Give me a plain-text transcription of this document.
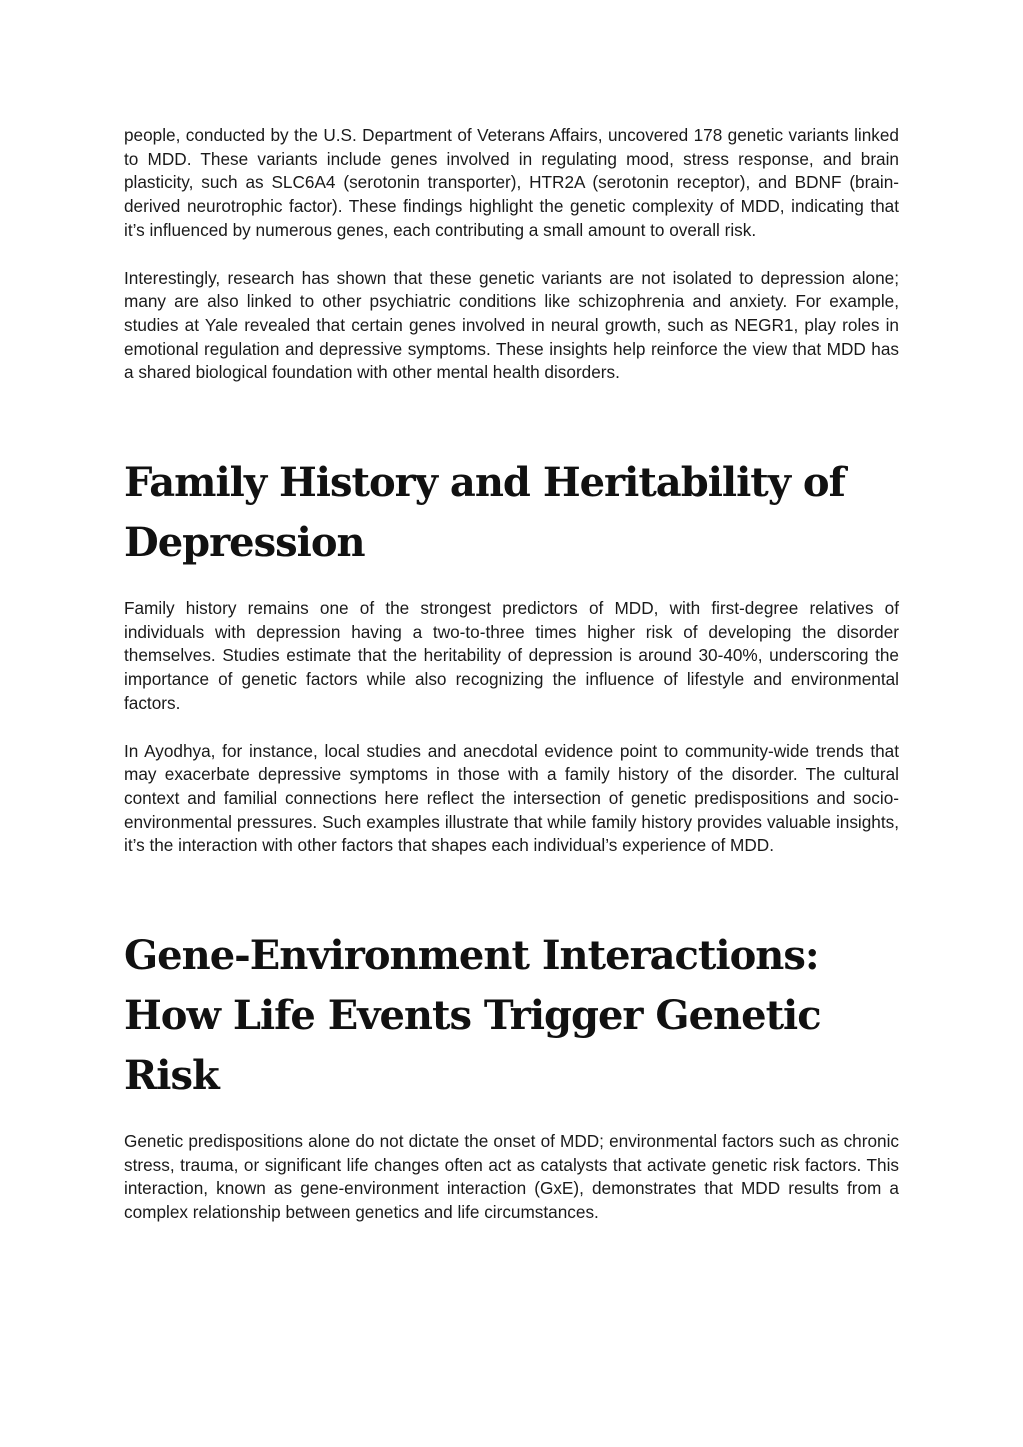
people, conducted by the U.S. Department of Veterans Affairs, uncovered 178 genetic variants linked to MDD. These variants include genes involved in regulating mood, stress response, and brain plasticity, such as SLC6A4 (serotonin transporter), HTR2A (serotonin receptor), and BDNF (brain-derived neurotrophic factor). These findings highlight the genetic complexity of MDD, indicating that it’s influenced by numerous genes, each contributing a small amount to overall risk.

Interestingly, research has shown that these genetic variants are not isolated to depression alone; many are also linked to other psychiatric conditions like schizophrenia and anxiety. For example, studies at Yale revealed that certain genes involved in neural growth, such as NEGR1, play roles in emotional regulation and depressive symptoms. These insights help reinforce the view that MDD has a shared biological foundation with other mental health disorders.

Family History and Heritability of Depression

Family history remains one of the strongest predictors of MDD, with first-degree relatives of individuals with depression having a two-to-three times higher risk of developing the disorder themselves. Studies estimate that the heritability of depression is around 30-40%, underscoring the importance of genetic factors while also recognizing the influence of lifestyle and environmental factors.

In Ayodhya, for instance, local studies and anecdotal evidence point to community-wide trends that may exacerbate depressive symptoms in those with a family history of the disorder. The cultural context and familial connections here reflect the intersection of genetic predispositions and socio-environmental pressures. Such examples illustrate that while family history provides valuable insights, it’s the interaction with other factors that shapes each individual’s experience of MDD.

Gene-Environment Interactions: How Life Events Trigger Genetic Risk

Genetic predispositions alone do not dictate the onset of MDD; environmental factors such as chronic stress, trauma, or significant life changes often act as catalysts that activate genetic risk factors. This interaction, known as gene-environment interaction (GxE), demonstrates that MDD results from a complex relationship between genetics and life circumstances.
